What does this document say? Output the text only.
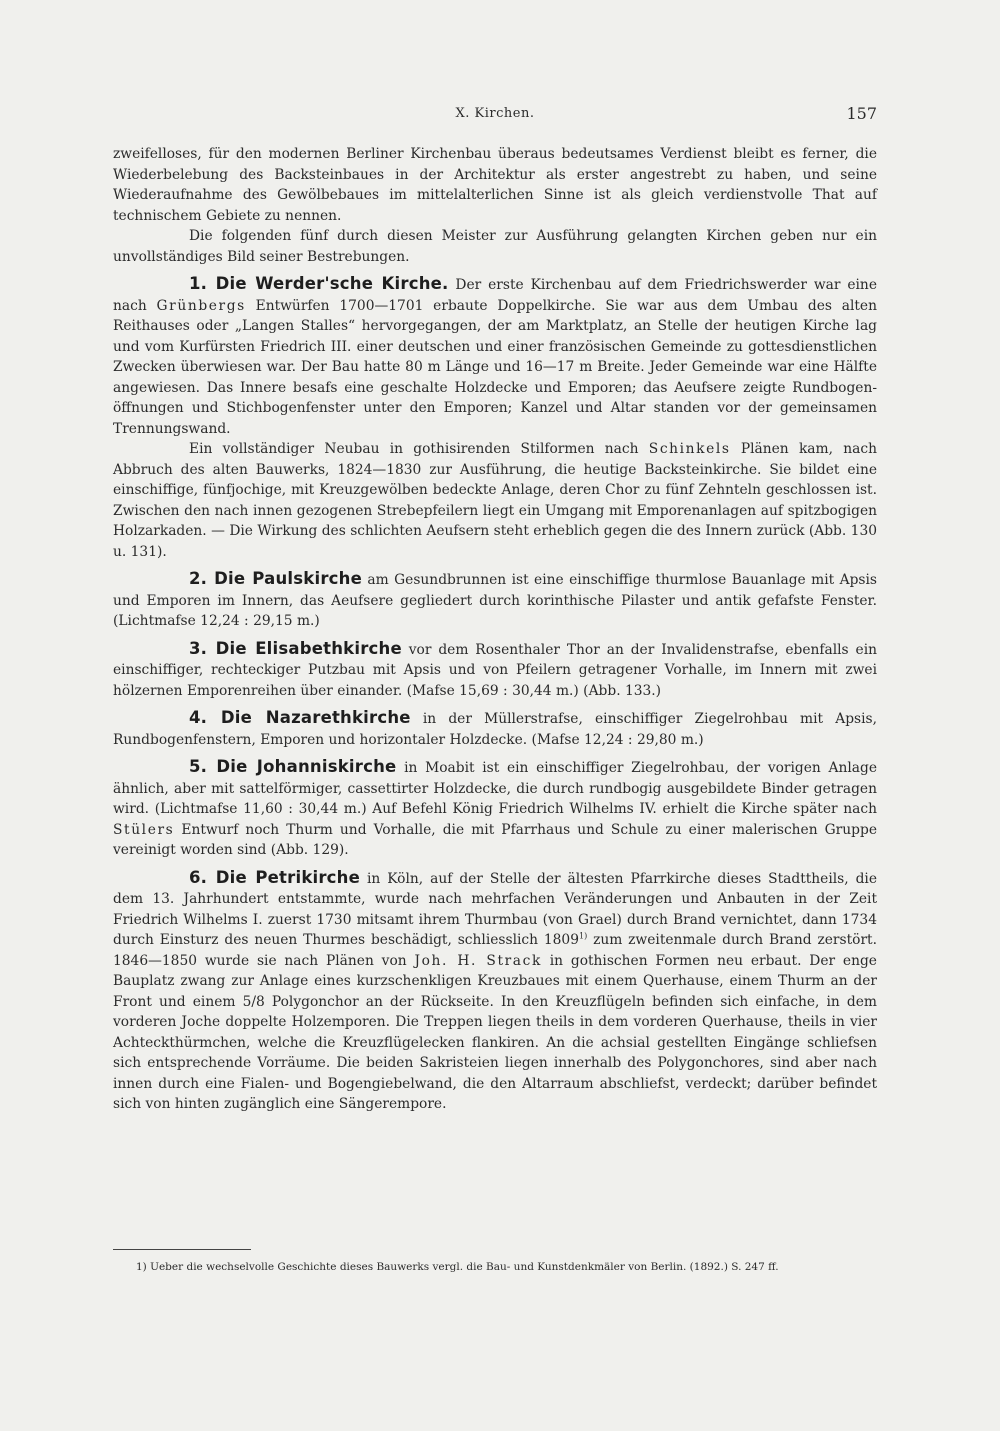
X. Kirchen.	157

zweifelloses, für den modernen Berliner Kirchenbau überaus bedeutsames Verdienst bleibt es ferner, die Wiederbelebung des Backsteinbaues in der Architektur als erster angestrebt zu haben, und seine Wiederaufnahme des Gewölbebaues im mittelalterlichen Sinne ist als gleich verdienstvolle That auf technischem Gebiete zu nennen.

Die folgenden fünf durch diesen Meister zur Ausführung gelangten Kirchen geben nur ein unvollständiges Bild seiner Bestrebungen.

1. Die Werder'sche Kirche. Der erste Kirchenbau auf dem Friedrichswerder war eine nach Grünbergs Entwürfen 1700—1701 erbaute Doppelkirche. Sie war aus dem Umbau des alten Reithauses oder „Langen Stalles“ hervorgegangen, der am Marktplatz, an Stelle der heutigen Kirche lag und vom Kurfürsten Friedrich III. einer deutschen und einer französischen Gemeinde zu gottesdienstlichen Zwecken überwiesen war. Der Bau hatte 80 m Länge und 16—17 m Breite. Jeder Gemeinde war eine Hälfte angewiesen. Das Innere besafs eine geschalte Holzdecke und Emporen; das Aeufsere zeigte Rundbogen-öffnungen und Stichbogenfenster unter den Emporen; Kanzel und Altar standen vor der gemeinsamen Trennungswand.

Ein vollständiger Neubau in gothisirenden Stilformen nach Schinkels Plänen kam, nach Abbruch des alten Bauwerks, 1824—1830 zur Ausführung, die heutige Backsteinkirche. Sie bildet eine einschiffige, fünfjochige, mit Kreuzgewölben bedeckte Anlage, deren Chor zu fünf Zehnteln geschlossen ist. Zwischen den nach innen gezogenen Strebepfeilern liegt ein Umgang mit Emporenanlagen auf spitzbogigen Holzarkaden. — Die Wirkung des schlichten Aeufsern steht erheblich gegen die des Innern zurück (Abb. 130 u. 131).

2. Die Paulskirche am Gesundbrunnen ist eine einschiffige thurmlose Bauanlage mit Apsis und Emporen im Innern, das Aeufsere gegliedert durch korinthische Pilaster und antik gefafste Fenster. (Lichtmafse 12,24 : 29,15 m.)

3. Die Elisabethkirche vor dem Rosenthaler Thor an der Invalidenstrafse, ebenfalls ein einschiffiger, rechteckiger Putzbau mit Apsis und von Pfeilern getragener Vorhalle, im Innern mit zwei hölzernen Emporenreihen über einander. (Mafse 15,69 : 30,44 m.) (Abb. 133.)

4. Die Nazarethkirche in der Müllerstrafse, einschiffiger Ziegelrohbau mit Apsis, Rundbogenfenstern, Emporen und horizontaler Holzdecke. (Mafse 12,24 : 29,80 m.)

5. Die Johanniskirche in Moabit ist ein einschiffiger Ziegelrohbau, der vorigen Anlage ähnlich, aber mit sattelförmiger, cassettirter Holzdecke, die durch rundbogig ausgebildete Binder getragen wird. (Lichtmafse 11,60 : 30,44 m.) Auf Befehl König Friedrich Wilhelms IV. erhielt die Kirche später nach Stülers Entwurf noch Thurm und Vorhalle, die mit Pfarrhaus und Schule zu einer malerischen Gruppe vereinigt worden sind (Abb. 129).

6. Die Petrikirche in Köln, auf der Stelle der ältesten Pfarrkirche dieses Stadttheils, die dem 13. Jahrhundert entstammte, wurde nach mehrfachen Veränderungen und Anbauten in der Zeit Friedrich Wilhelms I. zuerst 1730 mitsamt ihrem Thurmbau (von Grael) durch Brand vernichtet, dann 1734 durch Einsturz des neuen Thurmes beschädigt, schliesslich 1809$^{1)}$ zum zweitenmale durch Brand zerstört. 1846—1850 wurde sie nach Plänen von Joh. H. Strack in gothischen Formen neu erbaut. Der enge Bauplatz zwang zur Anlage eines kurzschenkligen Kreuzbaues mit einem Querhause, einem Thurm an der Front und einem 5/8 Polygonchor an der Rückseite. In den Kreuzflügeln befinden sich einfache, in dem vorderen Joche doppelte Holzemporen. Die Treppen liegen theils in dem vorderen Querhause, theils in vier Achteckthürmchen, welche die Kreuzflügelecken flankiren. An die achsial gestellten Eingänge schliefsen sich entsprechende Vorräume. Die beiden Sakristeien liegen innerhalb des Polygonchores, sind aber nach innen durch eine Fialen- und Bogengiebelwand, die den Altarraum abschliefst, verdeckt; darüber befindet sich von hinten zugänglich eine Sängerempore.

1) Ueber die wechselvolle Geschichte dieses Bauwerks vergl. die Bau- und Kunstdenkmäler von Berlin. (1892.) S. 247 ff.
